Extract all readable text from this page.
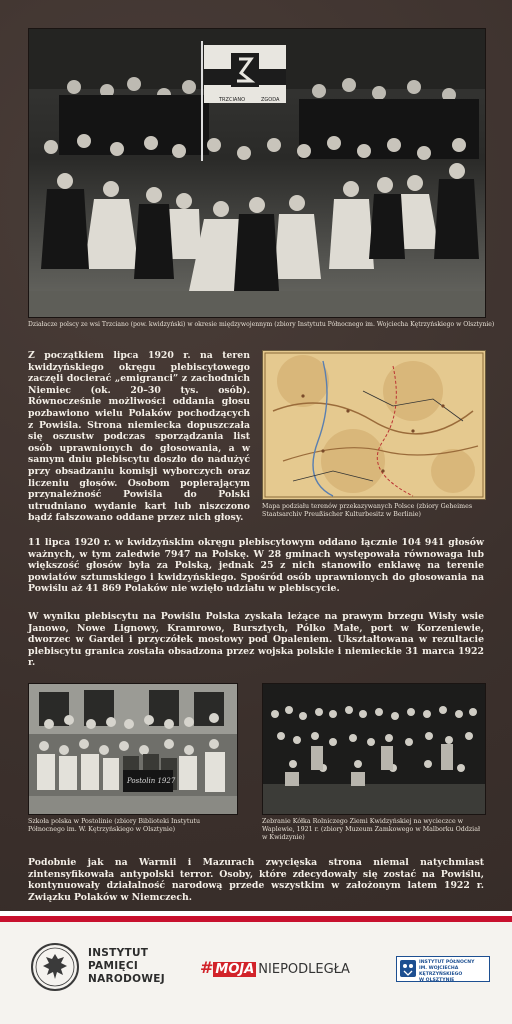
TRZCIANO	ZGODA
Działacze polscy ze wsi Trzciano (pow. kwidzyński) w okresie międzywojennym (zbiory Instytutu Północnego im. Wojciecha Kętrzyńskiego w Olsztynie)
Z początkiem lipca 1920 r. na teren kwidzyńskiego okręgu plebiscytowego zaczęli docierać „emigranci” z zachodnich Niemiec (ok. 20–30 tys. osób). Równocześnie możliwości oddania głosu pozbawiono wielu Polaków pochodzących z Powiśla. Strona niemiecka dopuszczała się oszustw podczas sporządzania list osób uprawnionych do głosowania, a w samym dniu plebiscytu doszło do nadużyć przy obsadzaniu komisji wyborczych oraz liczeniu głosów. Osobom popierającym przynależność Powiśla do Polski utrudniano wydanie kart lub niszczono bądź fałszowano oddane przez nich głosy.
Mapa podziału terenów przekazywanych Polsce (zbiory Geheimes Staatsarchiv Preußischer Kulturbesitz w Berlinie)
11 lipca 1920 r. w kwidzyńskim okręgu plebiscytowym oddano łącznie 104 941 głosów ważnych, w tym zaledwie 7947 na Polskę. W 28 gminach występowała równowaga lub większość głosów była za Polską, jednak 25 z nich stanowiło enklawę na terenie powiatów sztumskiego i kwidzyńskiego. Spośród osób uprawnionych do głosowania na Powiślu aż 41 869 Polaków nie wzięło udziału w plebiscycie.
W wyniku plebiscytu na Powiślu Polska zyskała leżące na prawym brzegu Wisły wsie Janowo, Nowe Lignowy, Kramrowo, Bursztych, Pólko Małe, port w Korzeniewie, dworzec w Gardei i przyczółek mostowy pod Opaleniem. Ukształtowana w rezultacie plebiscytu granica została obsadzona przez wojska polskie i niemieckie 31 marca 1922 r.
Postolin 1927
Szkoła polska w Postolinie (zbiory Biblioteki Instytutu Północnego im. W. Kętrzyńskiego w Olsztynie)
Zebranie Kółka Rolniczego Ziemi Kwidzyńskiej na wycieczce w Waplewie, 1921 r. (zbiory Muzeum Zamkowego w Malborku Oddział w Kwidzynie)
Podobnie jak na Warmii i Mazurach zwycięska strona niemal natychmiast zintensyfikowała antypolski terror. Osoby, które zdecydowały się zostać na Powiślu, kontynuowały działalność narodową przede wszystkim w założonym latem 1922 r. Związku Polaków w Niemczech.
INSTYTUT
PAMIĘCI
NARODOWEJ
# MOJA NIEPODLEGŁA	INSTYTUT PÓŁNOCNY
IM. WOJCIECHA KĘTRZYŃSKIEGO
W OLSZTYNIE
